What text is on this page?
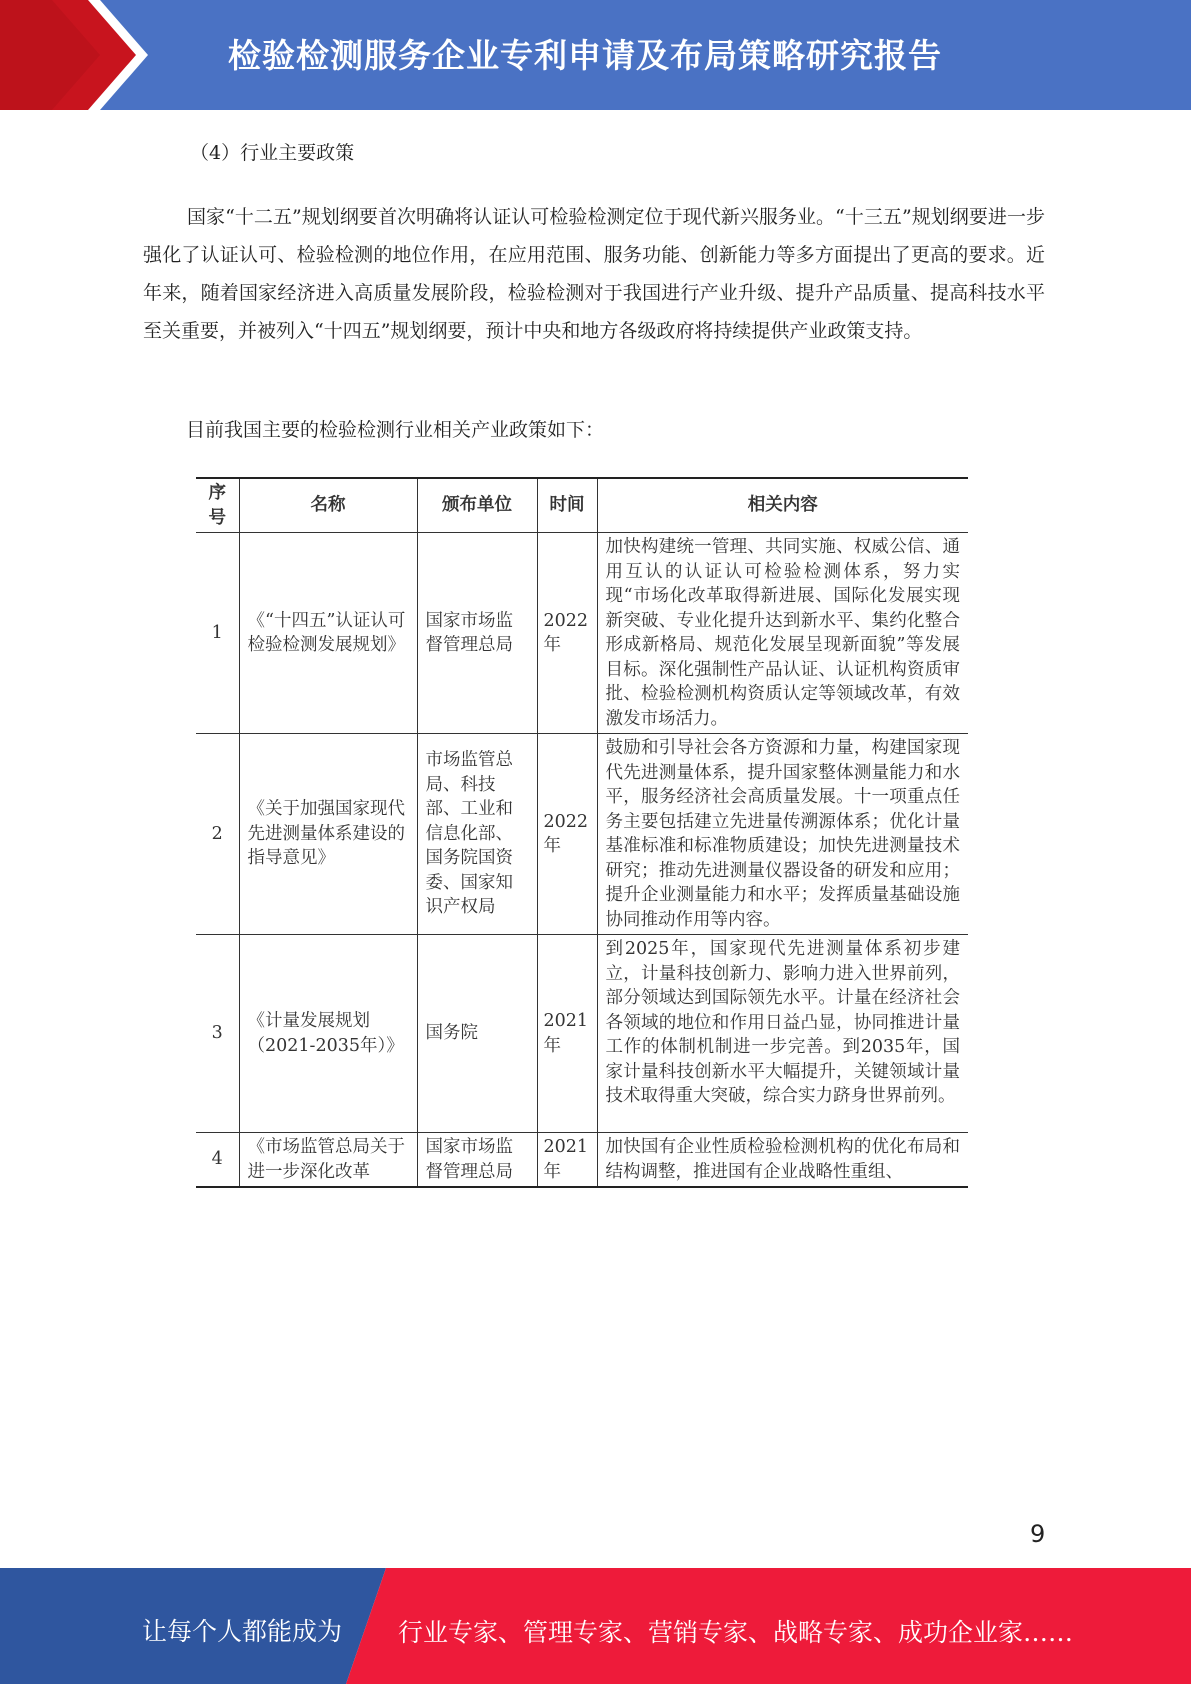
检验检测服务企业专利申请及布局策略研究报告
（4）行业主要政策
国家“十二五”规划纲要首次明确将认证认可检验检测定位于现代新兴服务业。“十三五”规划纲要进一步强化了认证认可、检验检测的地位作用，在应用范围、服务功能、创新能力等多方面提出了更高的要求。近年来，随着国家经济进入高质量发展阶段，检验检测对于我国进行产业升级、提升产品质量、提高科技水平至关重要，并被列入“十四五”规划纲要，预计中央和地方各级政府将持续提供产业政策支持。
目前我国主要的检验检测行业相关产业政策如下：
序号	名称	颁布单位	时间	相关内容
1	《“十四五”认证认可检验检测发展规划》	国家市场监督管理总局	2022年	加快构建统一管理、共同实施、权威公信、通用互认的认证认可检验检测体系，努力实现“市场化改革取得新进展、国际化发展实现新突破、专业化提升达到新水平、集约化整合形成新格局、规范化发展呈现新面貌”等发展目标。深化强制性产品认证、认证机构资质审批、检验检测机构资质认定等领域改革，有效激发市场活力。
2	《关于加强国家现代先进测量体系建设的指导意见》	市场监管总局、科技部、工业和信息化部、国务院国资委、国家知识产权局	2022年	鼓励和引导社会各方资源和力量，构建国家现代先进测量体系，提升国家整体测量能力和水平，服务经济社会高质量发展。十一项重点任务主要包括建立先进量传溯源体系；优化计量基准标准和标准物质建设；加快先进测量技术研究；推动先进测量仪器设备的研发和应用；提升企业测量能力和水平；发挥质量基础设施协同推动作用等内容。
3	《计量发展规划（2021-2035年）》	国务院	2021年	到2025年，国家现代先进测量体系初步建立，计量科技创新力、影响力进入世界前列，部分领域达到国际领先水平。计量在经济社会各领域的地位和作用日益凸显，协同推进计量工作的体制机制进一步完善。到2035年，国家计量科技创新水平大幅提升，关键领域计量技术取得重大突破，综合实力跻身世界前列。
4	《市场监管总局关于进一步深化改革	国家市场监督管理总局	2021年	加快国有企业性质检验检测机构的优化布局和结构调整，推进国有企业战略性重组、
9
让每个人都能成为 行业专家、管理专家、营销专家、战略专家、成功企业家……
